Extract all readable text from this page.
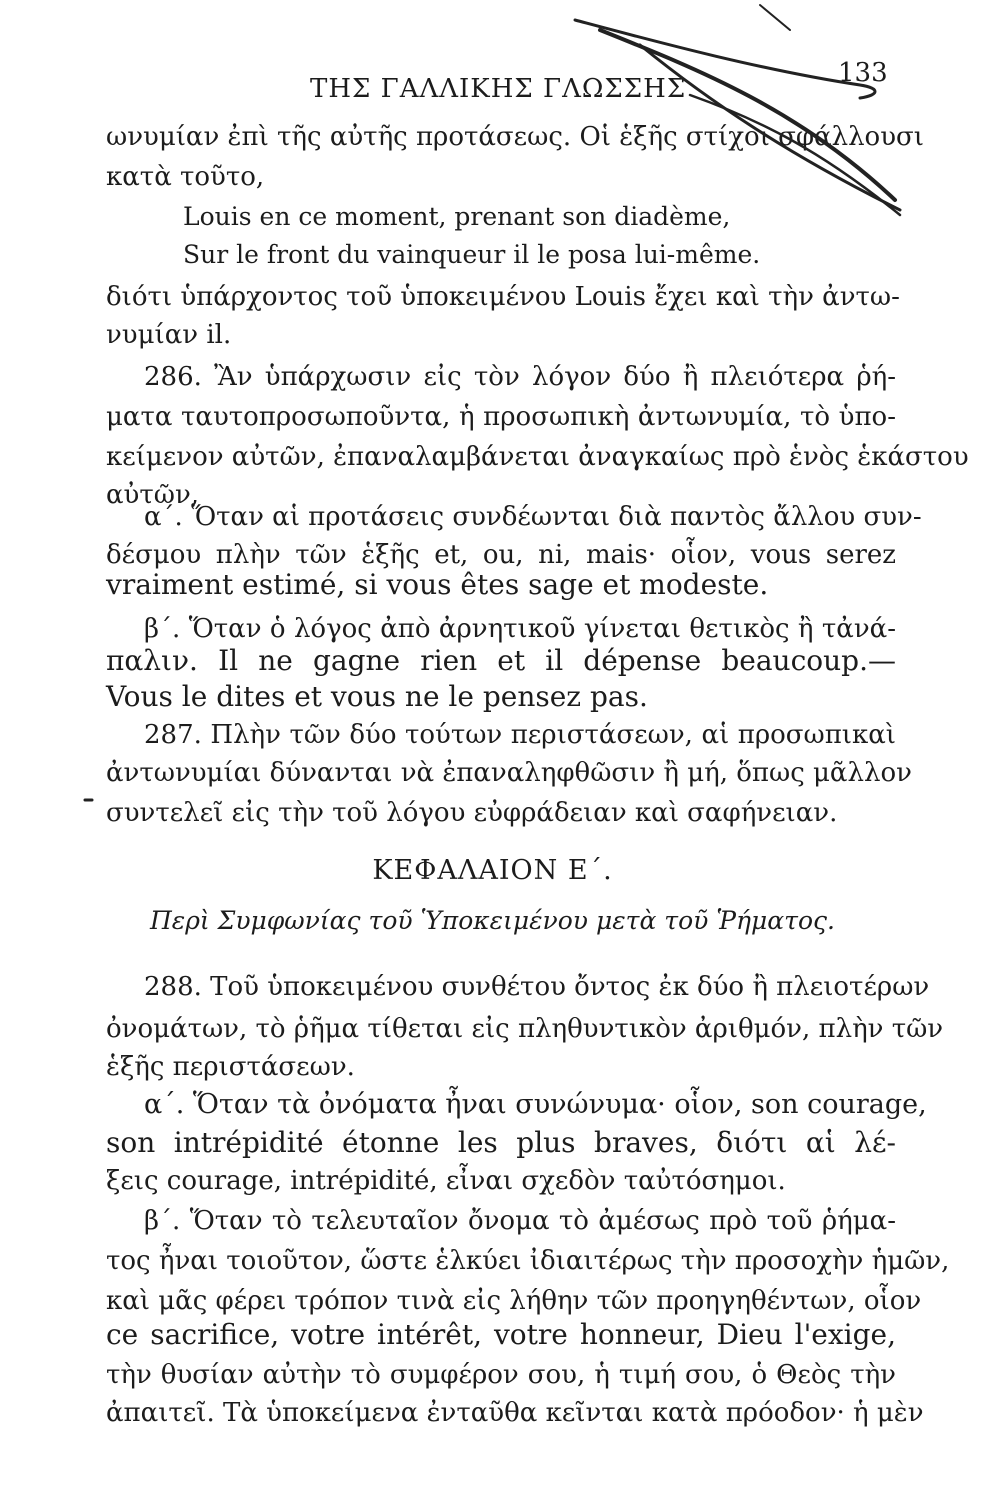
ΤΗΣ ΓΑΛΛΙΚΗΣ ΓΛΩΣΣΗΣ
133
ωνυμίαν ἐπὶ τῆς αὐτῆς προτάσεως. Οἱ ἑξῆς στίχοι σφάλλουσι
κατὰ τοῦτο,
Louis en ce moment, prenant son diadème,
Sur le front du vainqueur il le posa lui-même.
διότι ὑπάρχοντος τοῦ ὑποκειμένου Louis ἔχει καὶ τὴν ἀντω-
νυμίαν il.
286. Ἂν ὑπάρχωσιν εἰς τὸν λόγον δύο ἢ πλειότερα ῥή-
ματα ταυτοπροσωποῦντα, ἡ προσωπικὴ ἀντωνυμία, τὸ ὑπο-
κείμενον αὐτῶν, ἐπαναλαμβάνεται ἀναγκαίως πρὸ ἑνὸς ἑκάστου
αὐτῶν,
α΄. Ὅταν αἱ προτάσεις συνδέωνται διὰ παντὸς ἄλλου συν-
δέσμου πλὴν τῶν ἑξῆς et, ou, ni, mais· οἷον, vous serez
vraiment estimé, si vous êtes sage et modeste.
β΄. Ὅταν ὁ λόγος ἀπὸ ἀρνητικοῦ γίνεται θετικὸς ἢ τἀνά-
παλιν. Il ne gagne rien et il dépense beaucoup.—
Vous le dites et vous ne le pensez pas.
287. Πλὴν τῶν δύο τούτων περιστάσεων, αἱ προσωπικαὶ
ἀντωνυμίαι δύνανται νὰ ἐπαναληφθῶσιν ἢ μή, ὅπως μᾶλλον
συντελεῖ εἰς τὴν τοῦ λόγου εὐφράδειαν καὶ σαφήνειαν.
ΚΕΦΑΛΑΙΟΝ Ε΄.
Περὶ Συμφωνίας τοῦ Ὑποκειμένου μετὰ τοῦ Ῥήματος.
288. Τοῦ ὑποκειμένου συνθέτου ὄντος ἐκ δύο ἢ πλειοτέρων
ὀνομάτων, τὸ ῥῆμα τίθεται εἰς πληθυντικὸν ἀριθμόν, πλὴν τῶν
ἑξῆς περιστάσεων.
α΄. Ὅταν τὰ ὀνόματα ἦναι συνώνυμα· οἷον, son courage,
son intrépidité étonne les plus braves, διότι αἱ λέ-
ξεις courage, intrépidité, εἶναι σχεδὸν ταὐτόσημοι.
β΄. Ὅταν τὸ τελευταῖον ὄνομα τὸ ἀμέσως πρὸ τοῦ ῥήμα-
τος ἦναι τοιοῦτον, ὥστε ἑλκύει ἰδιαιτέρως τὴν προσοχὴν ἡμῶν,
καὶ μᾶς φέρει τρόπον τινὰ εἰς λήθην τῶν προηγηθέντων, οἷον
ce sacrifice, votre intérêt, votre honneur, Dieu l'exige,
τὴν θυσίαν αὐτὴν τὸ συμφέρον σου, ἡ τιμή σου, ὁ Θεὸς τὴν
ἀπαιτεῖ. Τὰ ὑποκείμενα ἐνταῦθα κεῖνται κατὰ πρόοδον· ἡ μὲν
